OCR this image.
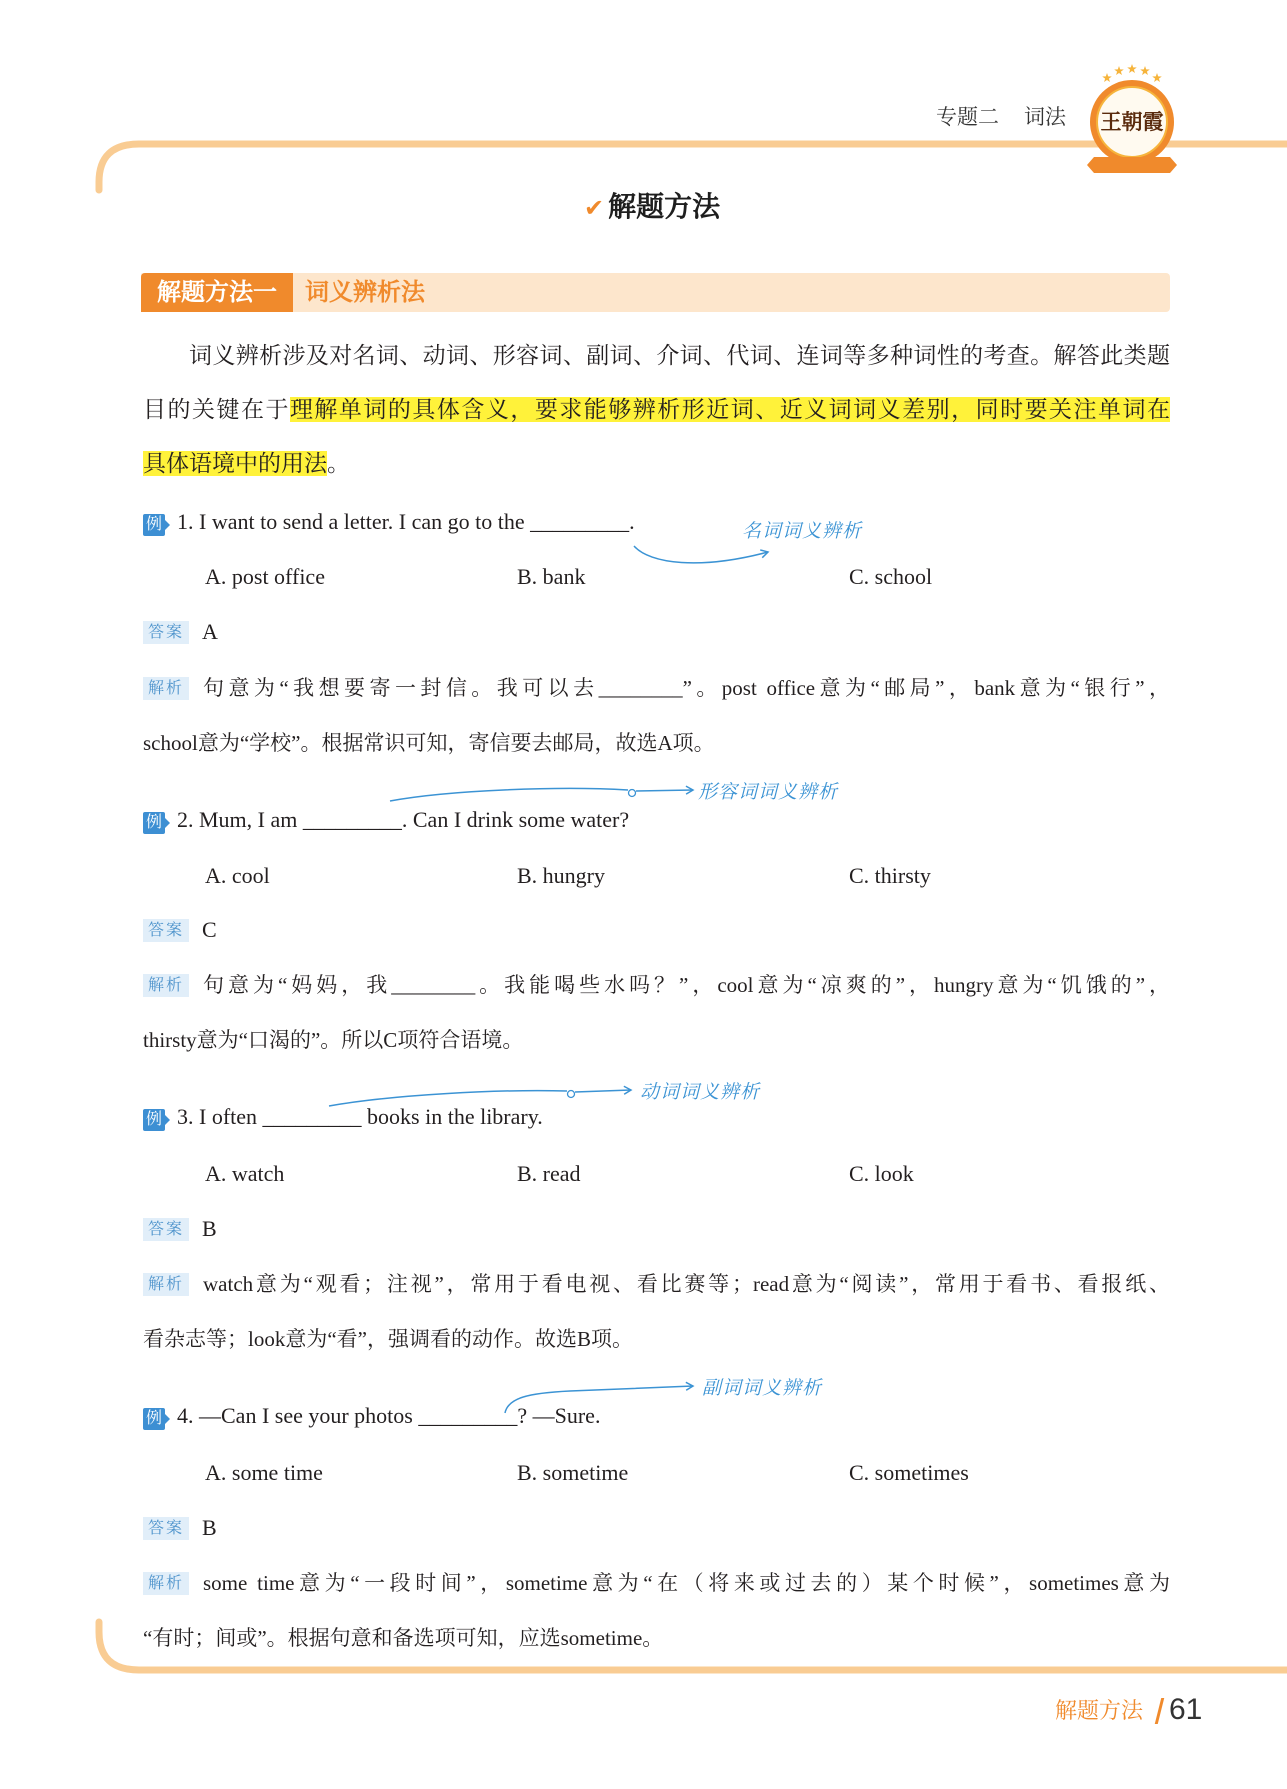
专题二 词法 王朝霞
✔ 解题方法
解题方法一 词义辨析法
词义辨析涉及对名词、动词、形容词、副词、介词、代词、连词等多种词性的考查。解答此类题
目的关键在于理解单词的具体含义，要求能够辨析形近词、近义词词义差别，同时要关注单词在
具体语境中的用法。
例 1. I want to send a letter. I can go to the _________.	名词词义辨析
A. post office	B. bank	C. school
答案 A
解析 句意为“我想要寄一封信。我可以去________”。post office意为“邮局”，bank意为“银行”，
school意为“学校”。根据常识可知，寄信要去邮局，故选A项。
例 2. Mum, I am _________. Can I drink some water?
形容词词义辨析
A. cool	B. hungry	C. thirsty
答案 C
解析 句意为“妈妈，我________。我能喝些水吗？”，cool意为“凉爽的”，hungry意为“饥饿的”，
thirsty意为“口渴的”。所以C项符合语境。
例 3. I often _________ books in the library.
动词词义辨析
A. watch	B. read	C. look
答案 B
解析 watch意为“观看；注视”，常用于看电视、看比赛等；read意为“阅读”，常用于看书、看报纸、
看杂志等；look意为“看”，强调看的动作。故选B项。
例 4. —Can I see your photos _________? —Sure.
副词词义辨析
A. some time	B. sometime	C. sometimes
答案 B
解析 some time意为“一段时间”，sometime意为“在（将来或过去的）某个时候”，sometimes意为
“有时；间或”。根据句意和备选项可知，应选sometime。
解题方法 61
